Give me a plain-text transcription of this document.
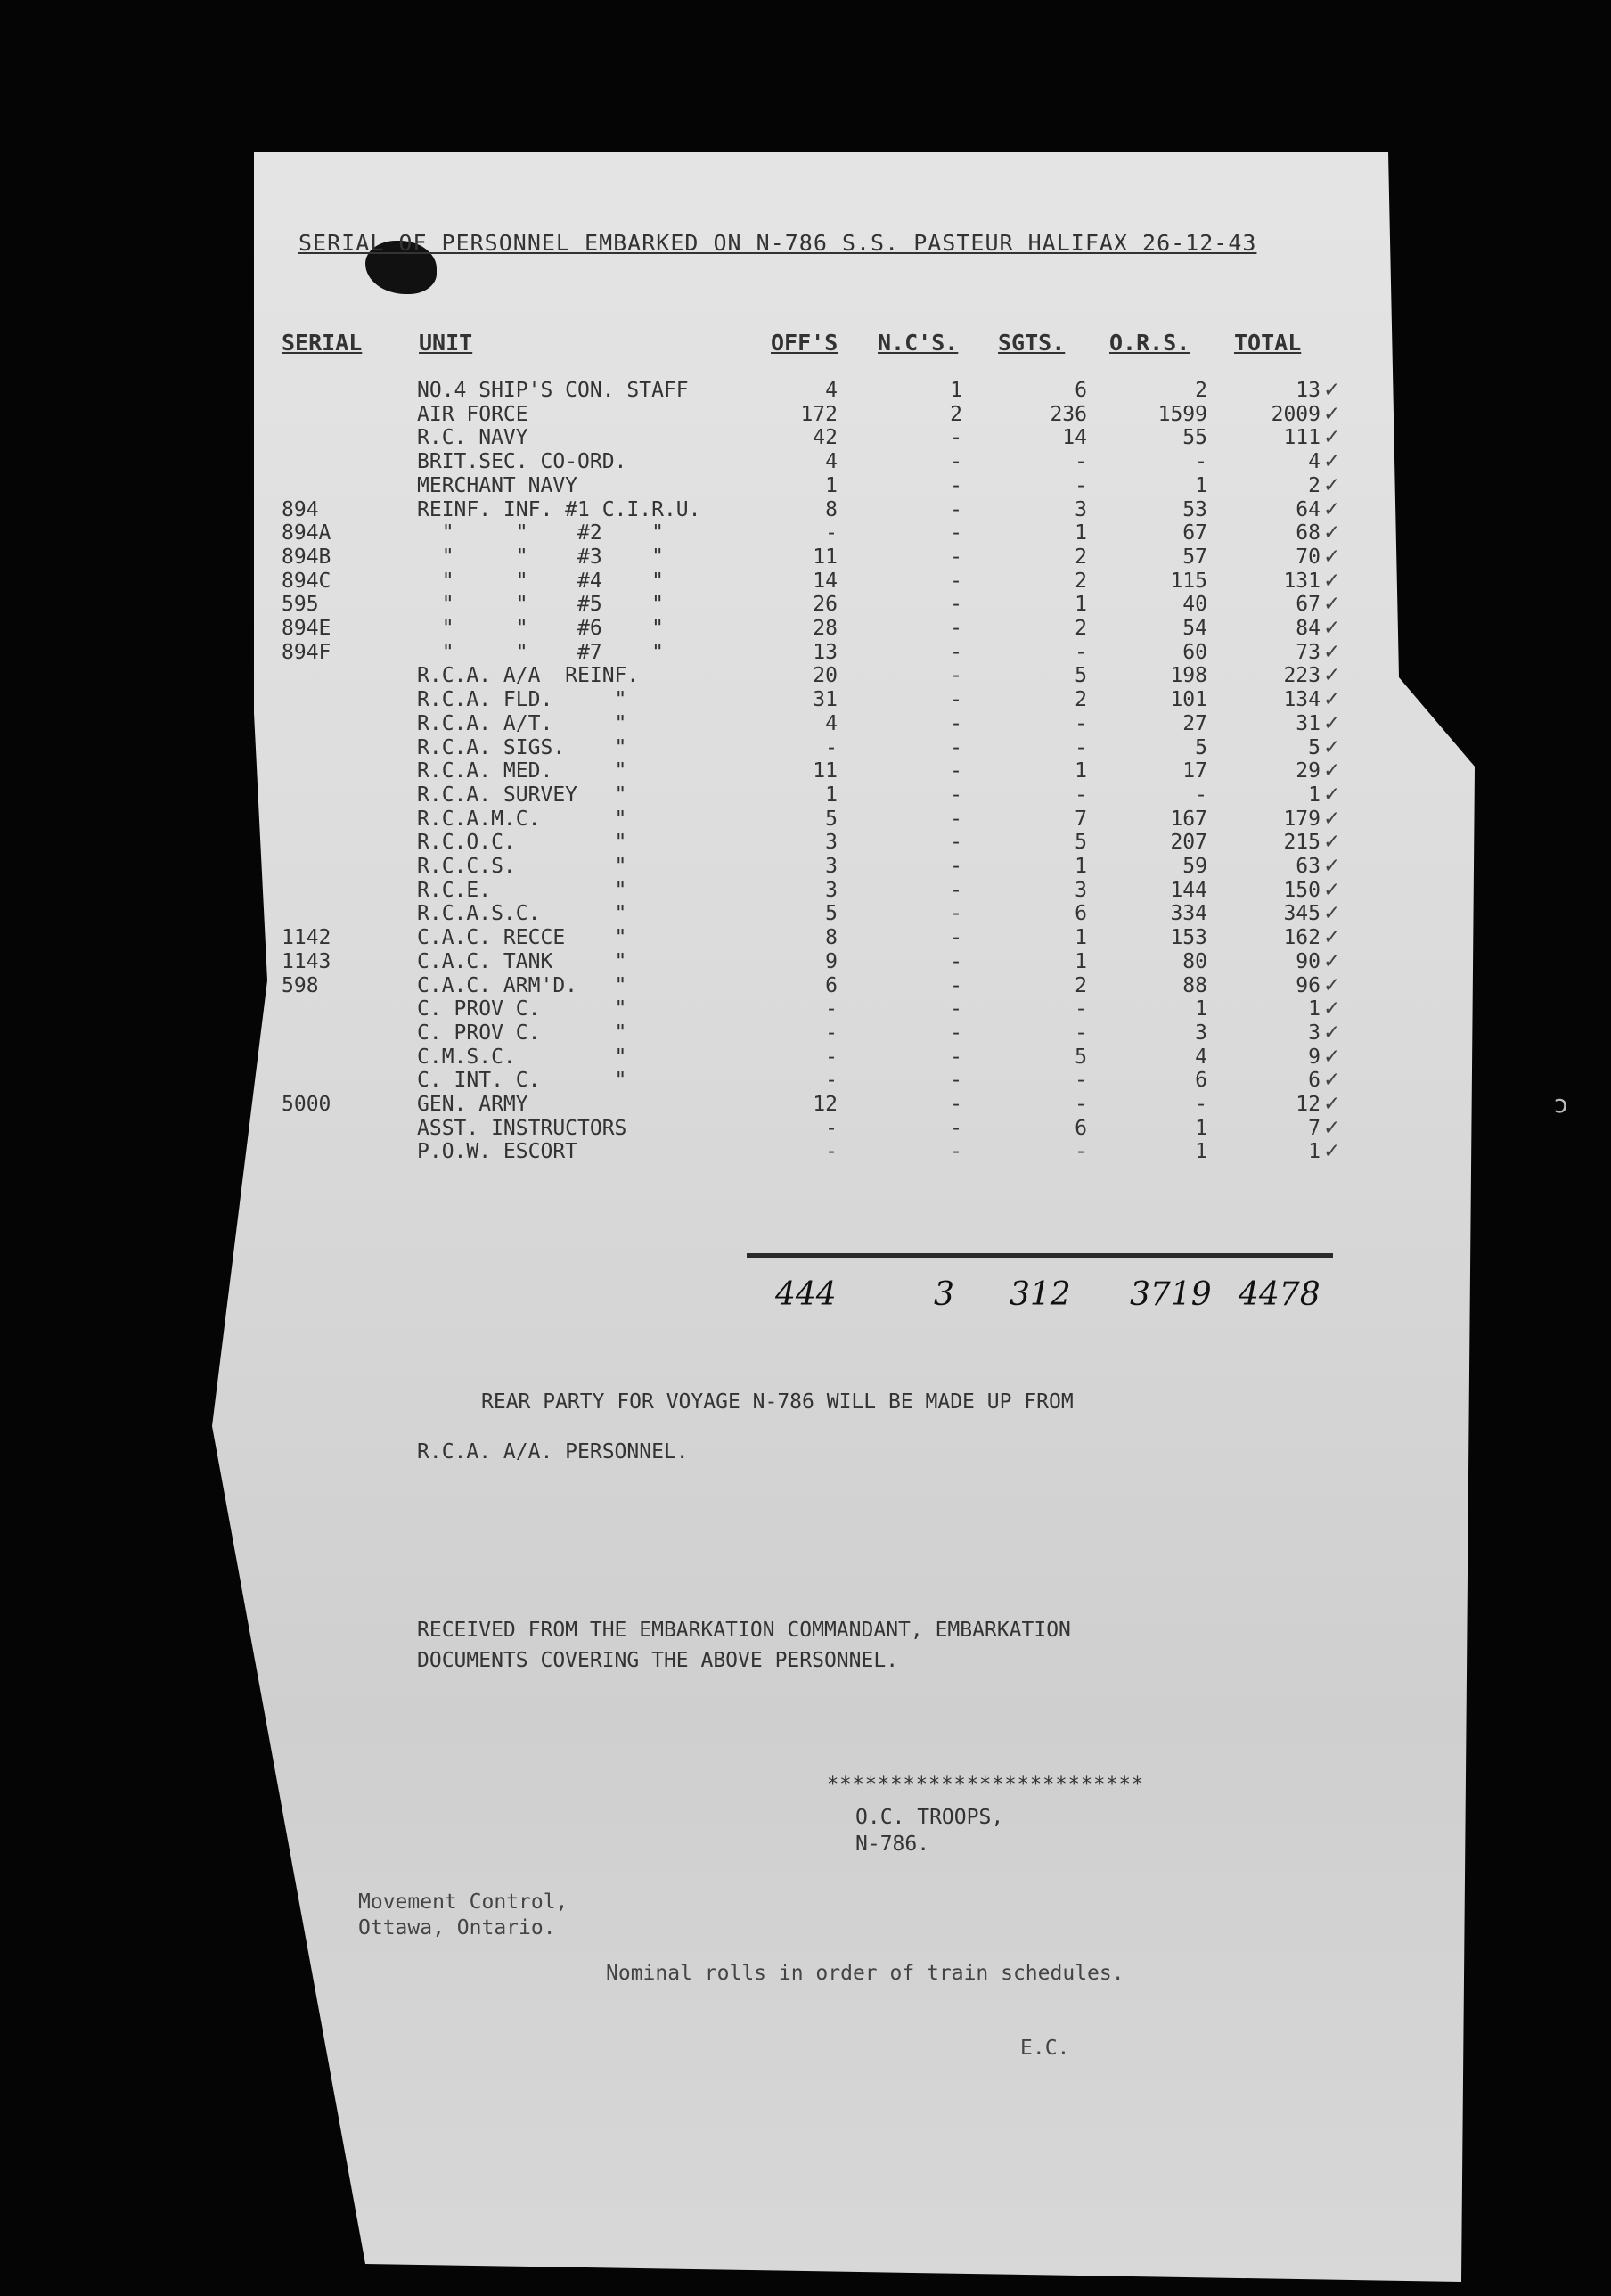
SERIAL OF PERSONNEL EMBARKED ON N-786 S.S. PASTEUR HALIFAX 26-12-43
SERIAL	UNIT	OFF'S N.C'S. SGTS. O.R.S. TOTAL
NO.4 SHIP'S CON. STAFF	4	1	6	2	13 ✓
AIR FORCE	172	2	236	1599	2009 ✓
R.C. NAVY	42	-	14	55	111 ✓
BRIT.SEC. CO-ORD.	4	-	-	-	4 ✓
MERCHANT NAVY	1	-	-	1	2 ✓
894	REINF. INF. #1 C.I.R.U.	8	-	3	53	64 ✓
894A	"     "    #2    "	-	-	1	67	68 ✓
894B	"     "    #3    "	11	-	2	57	70 ✓
894C	"     "    #4    "	14	-	2	115	131 ✓
595	"     "    #5    "	26	-	1	40	67 ✓
894E	"     "    #6    "	28	-	2	54	84 ✓
894F	"     "    #7    "	13	-	-	60	73 ✓
R.C.A. A/A  REINF.	20	-	5	198	223 ✓
R.C.A. FLD.     "	31	-	2	101	134 ✓
R.C.A. A/T.     "	4	-	-	27	31 ✓
R.C.A. SIGS.    "	-	-	-	5	5 ✓
R.C.A. MED.     "	11	-	1	17	29 ✓
R.C.A. SURVEY   "	1	-	-	-	1 ✓
R.C.A.M.C.      "	5	-	7	167	179 ✓
R.C.O.C.        "	3	-	5	207	215 ✓
R.C.C.S.        "	3	-	1	59	63 ✓
R.C.E.          "	3	-	3	144	150 ✓
R.C.A.S.C.      "	5	-	6	334	345 ✓
1142	C.A.C. RECCE    "	8	-	1	153	162 ✓
1143	C.A.C. TANK     "	9	-	1	80	90 ✓
598	C.A.C. ARM'D.   "	6	-	2	88	96 ✓
C. PROV C.      "	-	-	-	1	1 ✓
C. PROV C.      "	-	-	-	3	3 ✓
C.M.S.C.        "	-	-	5	4	9 ✓
C. INT. C.      "	-	-	-	6	6 ✓
5000	GEN. ARMY	12	-	-	-	12 ✓
ASST. INSTRUCTORS	-	-	6	1	7 ✓
P.O.W. ESCORT	-	-	-	1	1 ✓
444	3 312 3719 4478
REAR PARTY FOR VOYAGE N-786 WILL BE MADE UP FROM
R.C.A. A/A. PERSONNEL.
RECEIVED FROM THE EMBARKATION COMMANDANT, EMBARKATION
DOCUMENTS COVERING THE ABOVE PERSONNEL.
*************************
O.C. TROOPS,
N-786.
Movement Control,
Ottawa, Ontario.
Nominal rolls in order of train schedules.
E.C.
ↄ
